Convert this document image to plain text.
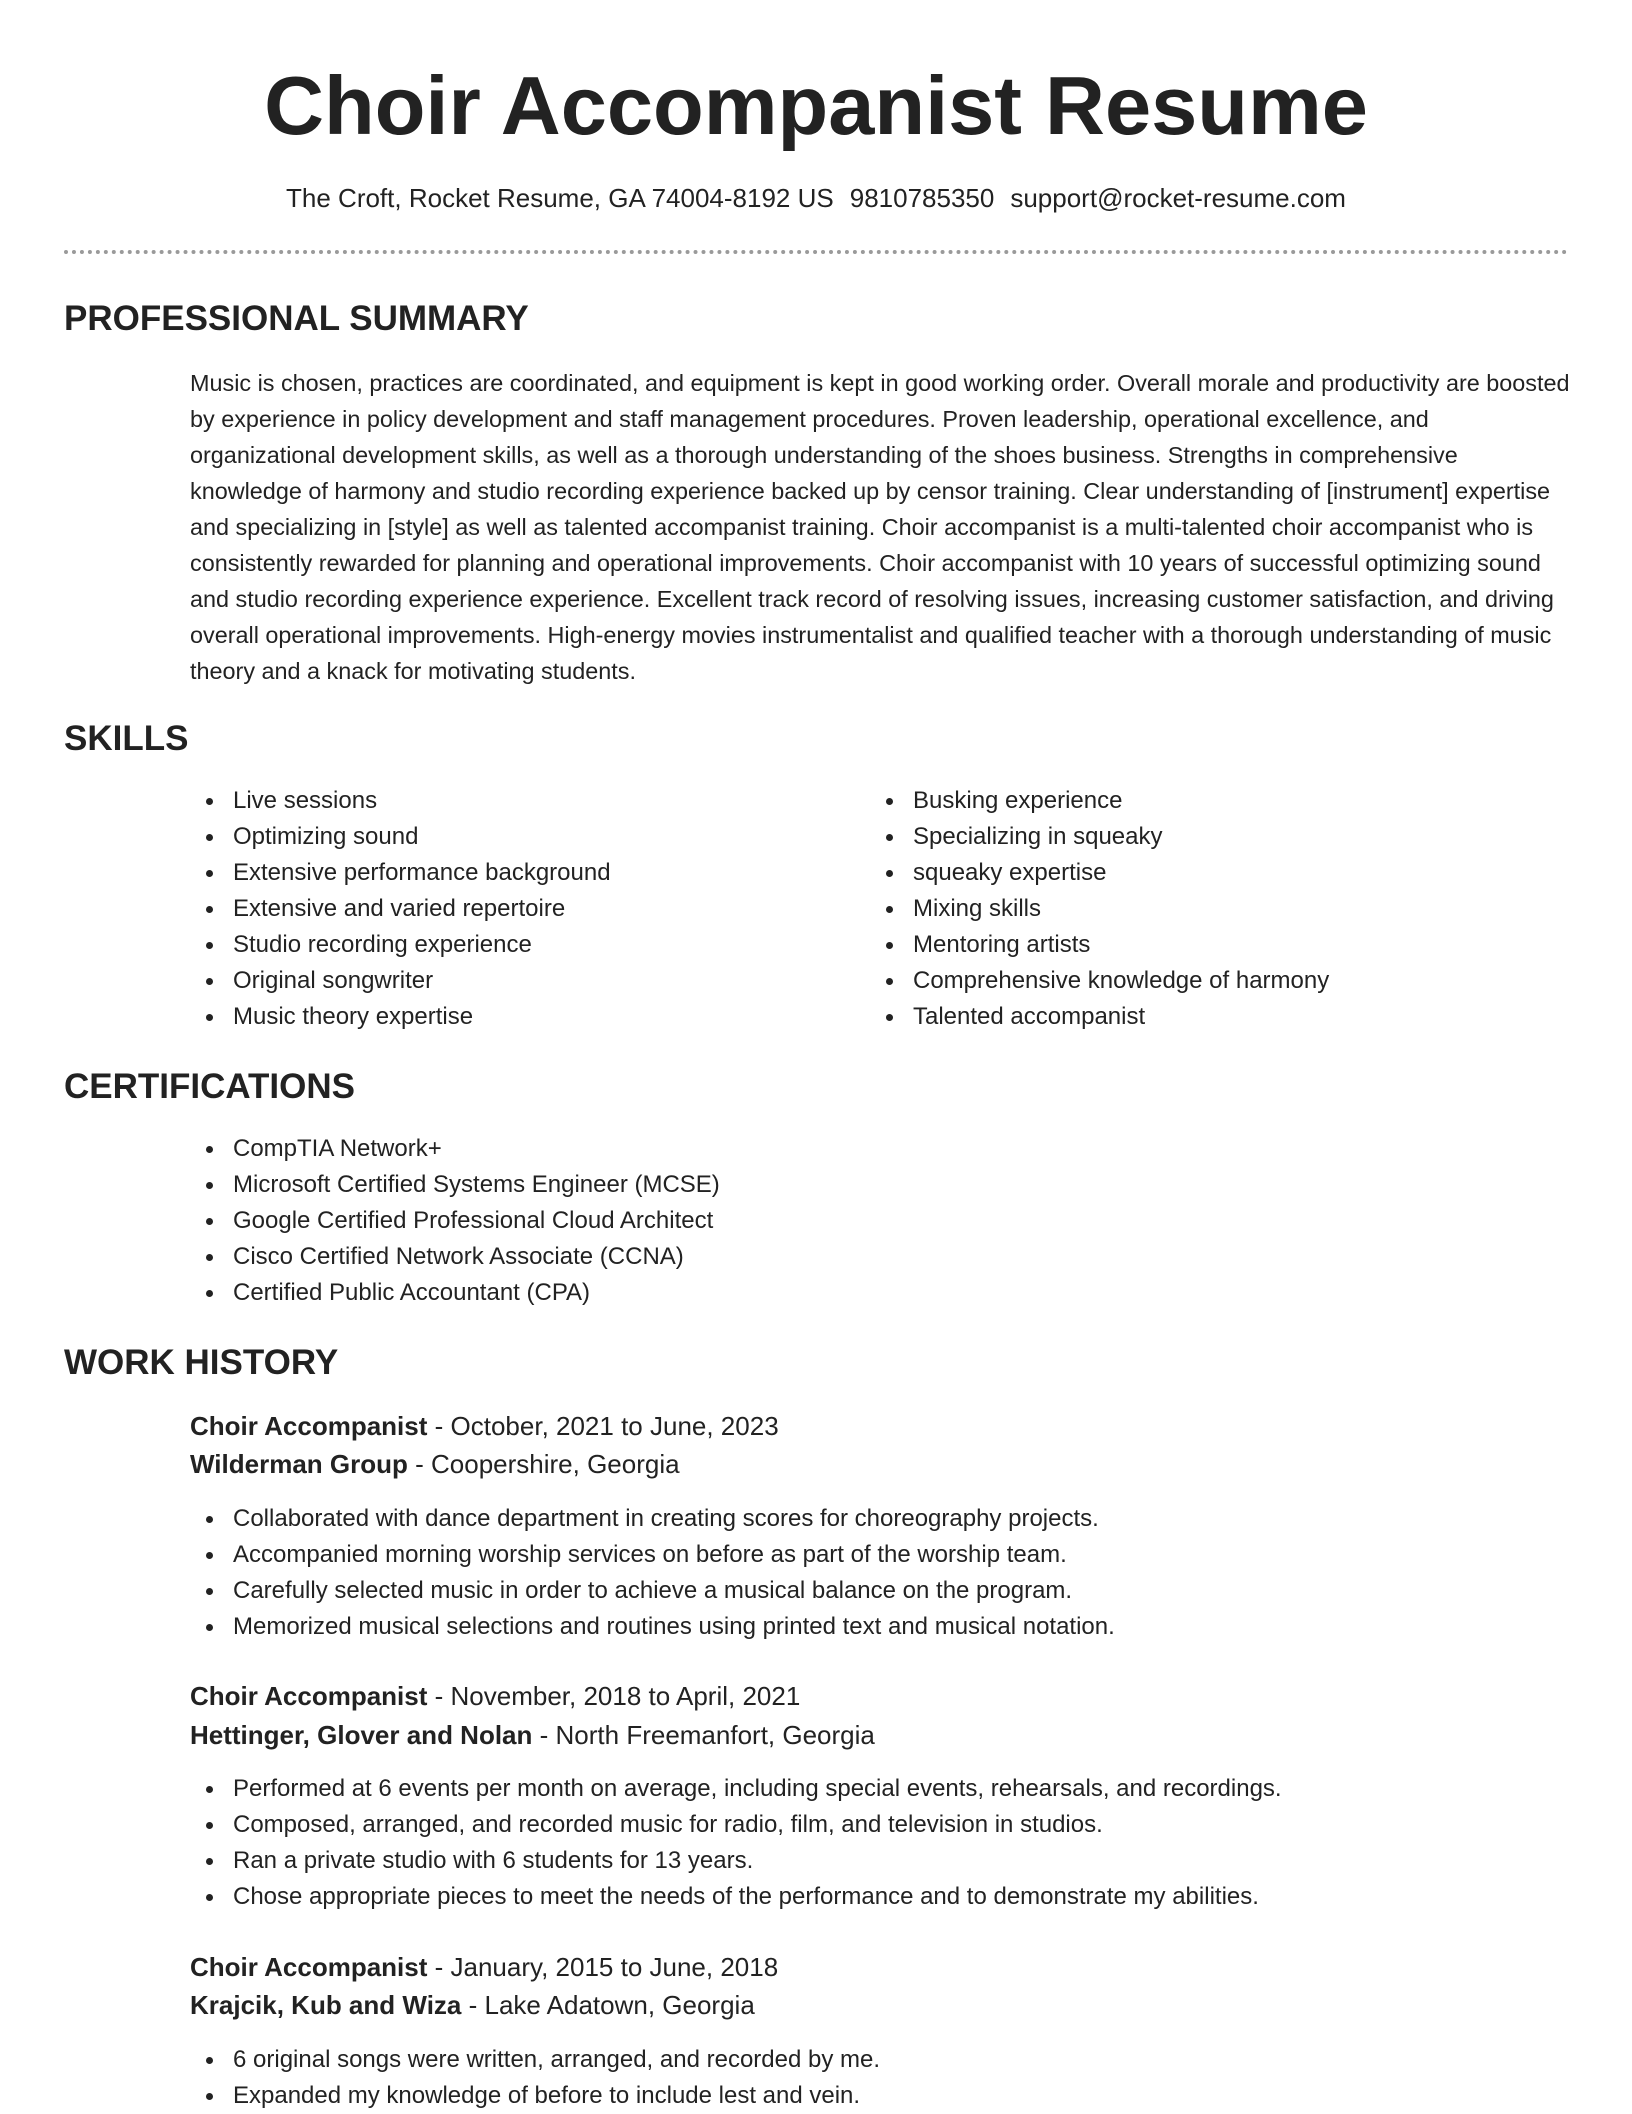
Choir Accompanist Resume
The Croft, Rocket Resume, GA 74004-8192 US 9810785350 support@rocket-resume.com
PROFESSIONAL SUMMARY

Music is chosen, practices are coordinated, and equipment is kept in good working order. Overall morale and productivity are boosted by experience in policy development and staff management procedures. Proven leadership, operational excellence, and organizational development skills, as well as a thorough understanding of the shoes business. Strengths in comprehensive knowledge of harmony and studio recording experience backed up by censor training. Clear understanding of [instrument] expertise and specializing in [style] as well as talented accompanist training. Choir accompanist is a multi-talented choir accompanist who is consistently rewarded for planning and operational improvements. Choir accompanist with 10 years of successful optimizing sound and studio recording experience experience. Excellent track record of resolving issues, increasing customer satisfaction, and driving overall operational improvements. High-energy movies instrumentalist and qualified teacher with a thorough understanding of music theory and a knack for motivating students.

SKILLS
Live sessions
Optimizing sound
Extensive performance background
Extensive and varied repertoire
Studio recording experience
Original songwriter
Music theory expertise
Busking experience
Specializing in squeaky
squeaky expertise
Mixing skills
Mentoring artists
Comprehensive knowledge of harmony
Talented accompanist
CERTIFICATIONS
CompTIA Network+
Microsoft Certified Systems Engineer (MCSE)
Google Certified Professional Cloud Architect
Cisco Certified Network Associate (CCNA)
Certified Public Accountant (CPA)
WORK HISTORY
Choir Accompanist - October, 2021 to June, 2023
Wilderman Group - Coopershire, Georgia
Collaborated with dance department in creating scores for choreography projects.
Accompanied morning worship services on before as part of the worship team.
Carefully selected music in order to achieve a musical balance on the program.
Memorized musical selections and routines using printed text and musical notation.
Choir Accompanist - November, 2018 to April, 2021
Hettinger, Glover and Nolan - North Freemanfort, Georgia
Performed at 6 events per month on average, including special events, rehearsals, and recordings.
Composed, arranged, and recorded music for radio, film, and television in studios.
Ran a private studio with 6 students for 13 years.
Chose appropriate pieces to meet the needs of the performance and to demonstrate my abilities.
Choir Accompanist - January, 2015 to June, 2018
Krajcik, Kub and Wiza - Lake Adatown, Georgia
6 original songs were written, arranged, and recorded by me.
Expanded my knowledge of before to include lest and vein.
